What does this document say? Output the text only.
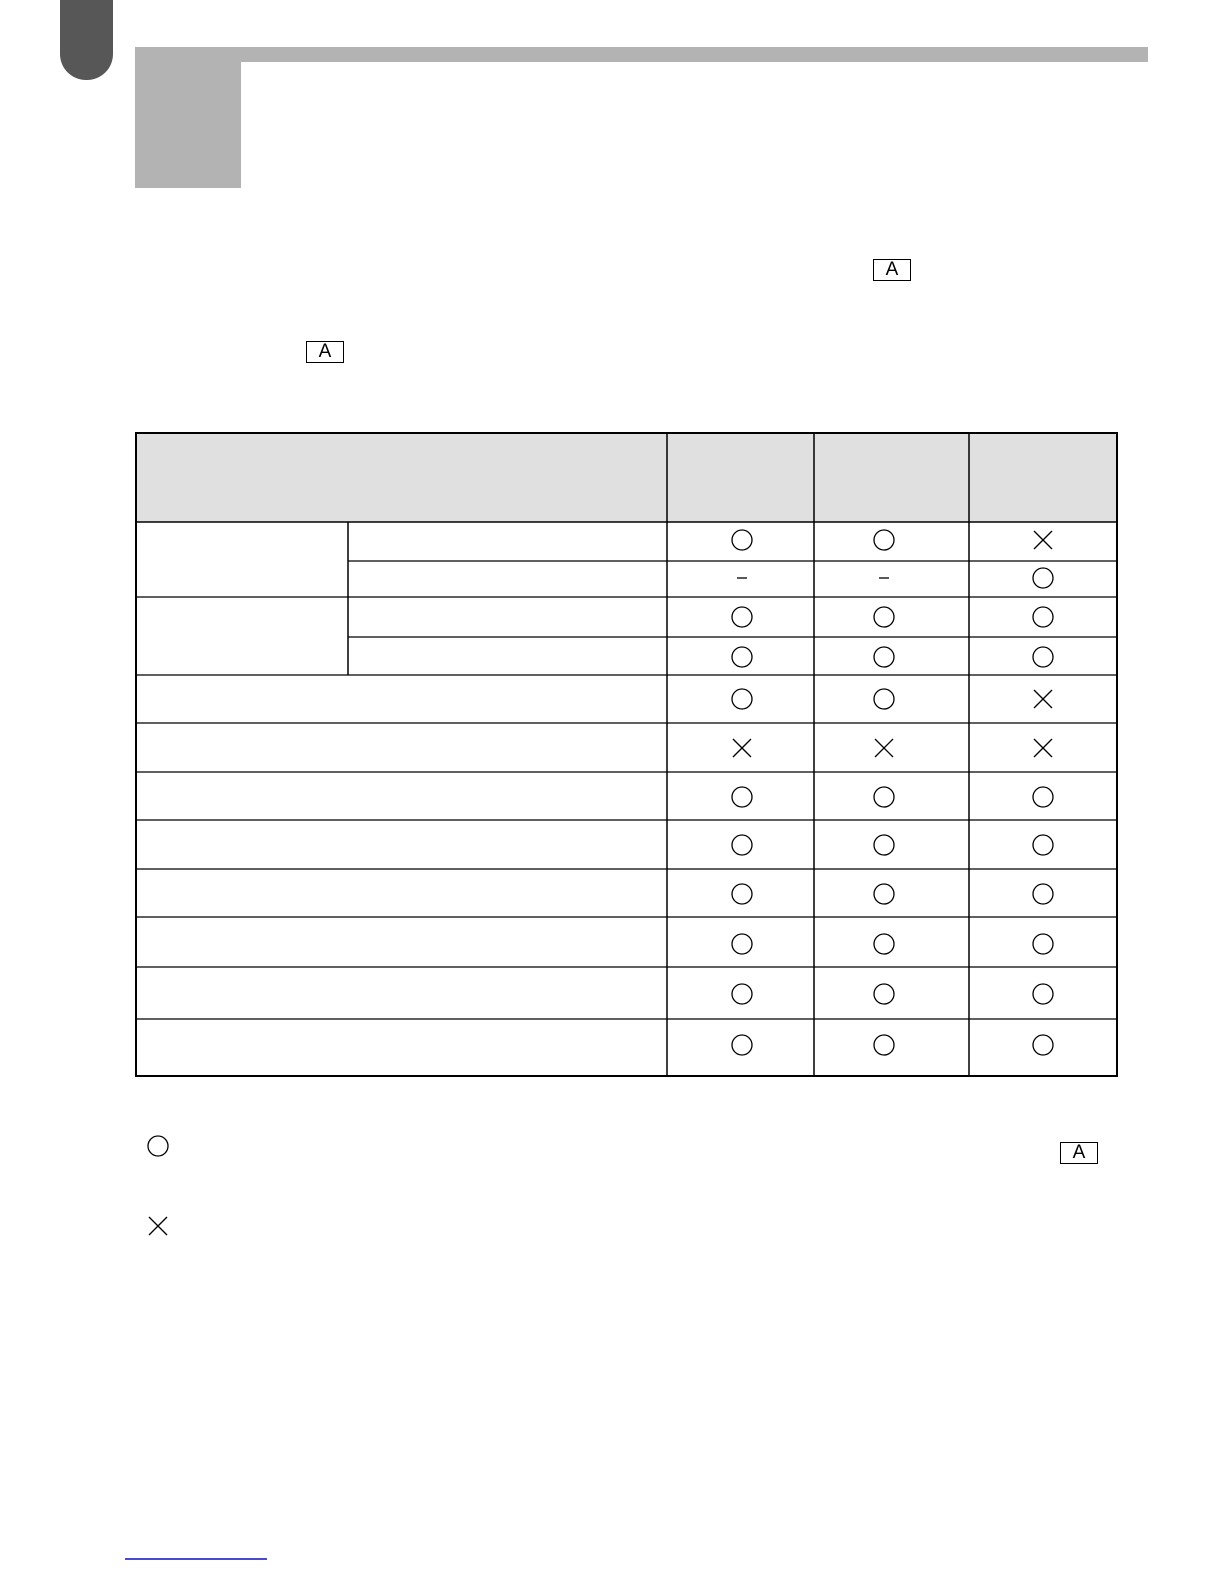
A
A
A
